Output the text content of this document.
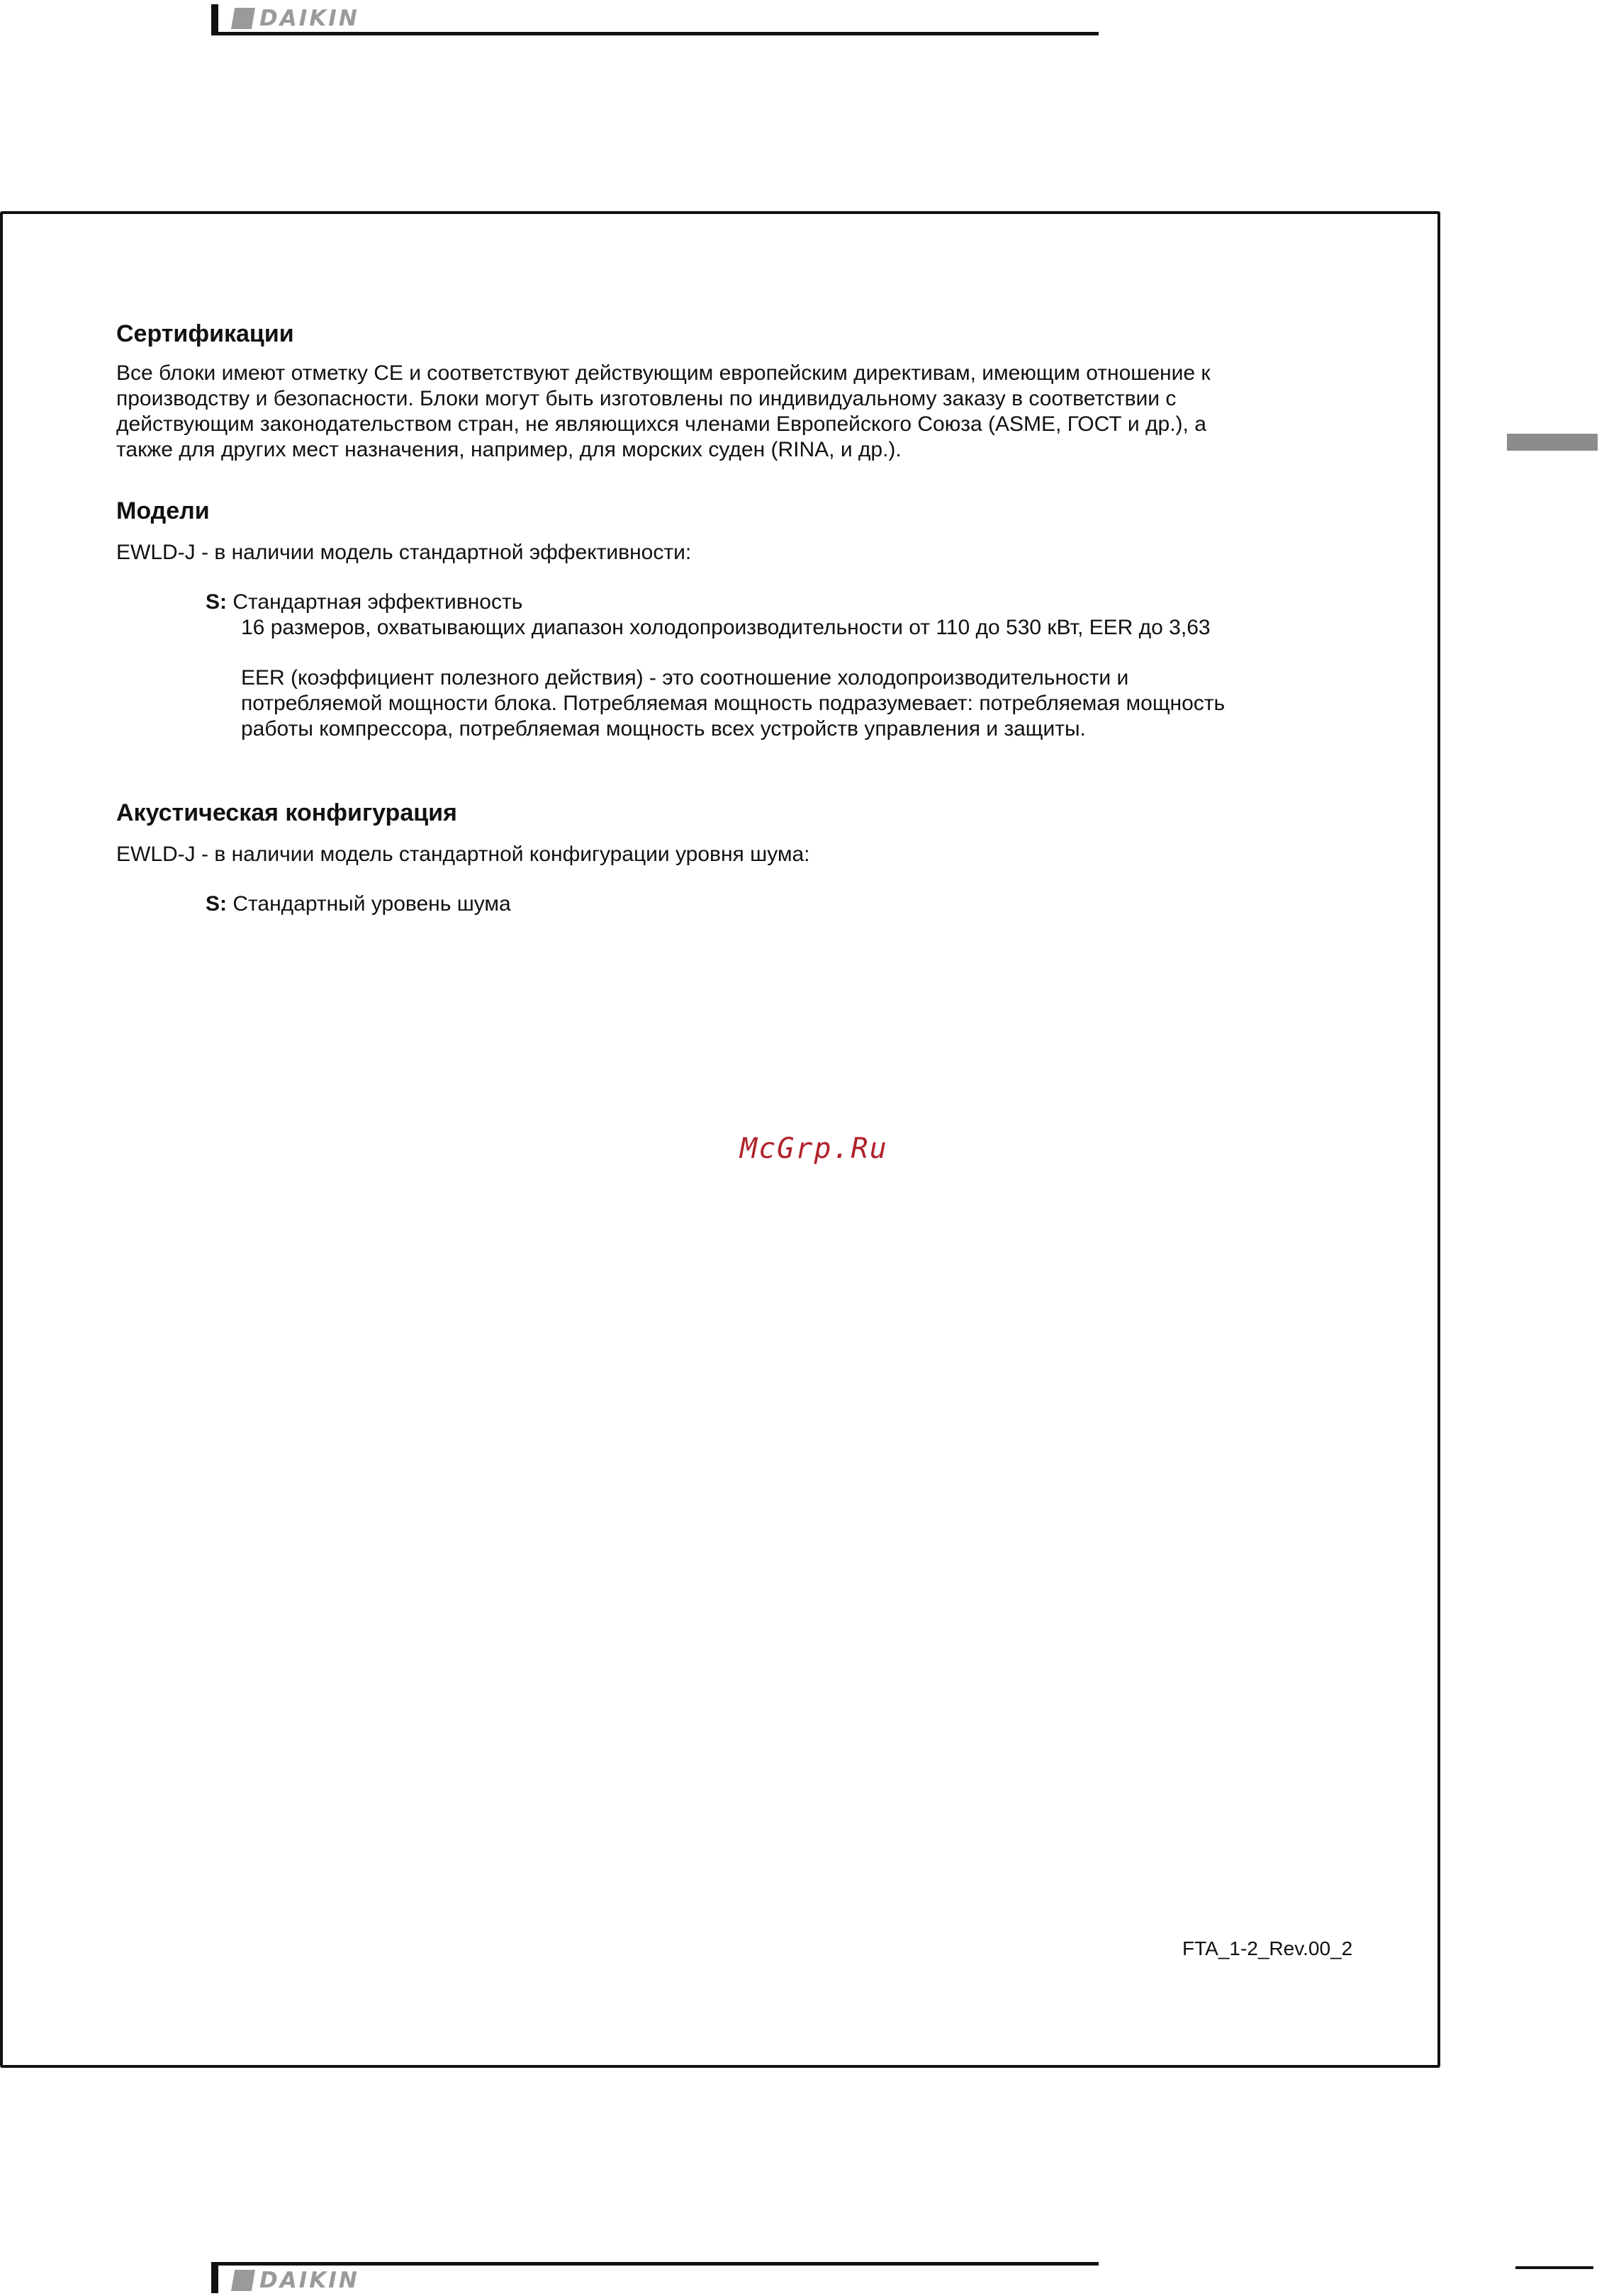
DAIKIN
Сертификации

Все блоки имеют отметку CE и соответствуют действующим европейским директивам, имеющим отношение к

производству и безопасности. Блоки могут быть изготовлены по индивидуальному заказу в соответствии с

действующим законодательством стран, не являющихся членами Европейского Союза (ASME, ГОСТ и др.), а

также для других мест назначения, например, для морских суден (RINA, и др.).

Модели

EWLD-J - в наличии модель стандартной эффективности:

S: Стандартная эффективность

16 размеров, охватывающих диапазон холодопроизводительности от 110 до 530 кВт, EER до 3,63

EER (коэффициент полезного действия) - это соотношение холодопроизводительности и

потребляемой мощности блока. Потребляемая мощность подразумевает: потребляемая мощность

работы компрессора, потребляемая мощность всех устройств управления и защиты.

Акустическая конфигурация

EWLD-J - в наличии модель стандартной конфигурации уровня шума:

S: Стандартный уровень шума
McGrp.Ru
FTA_1-2_Rev.00_2
DAIKIN
